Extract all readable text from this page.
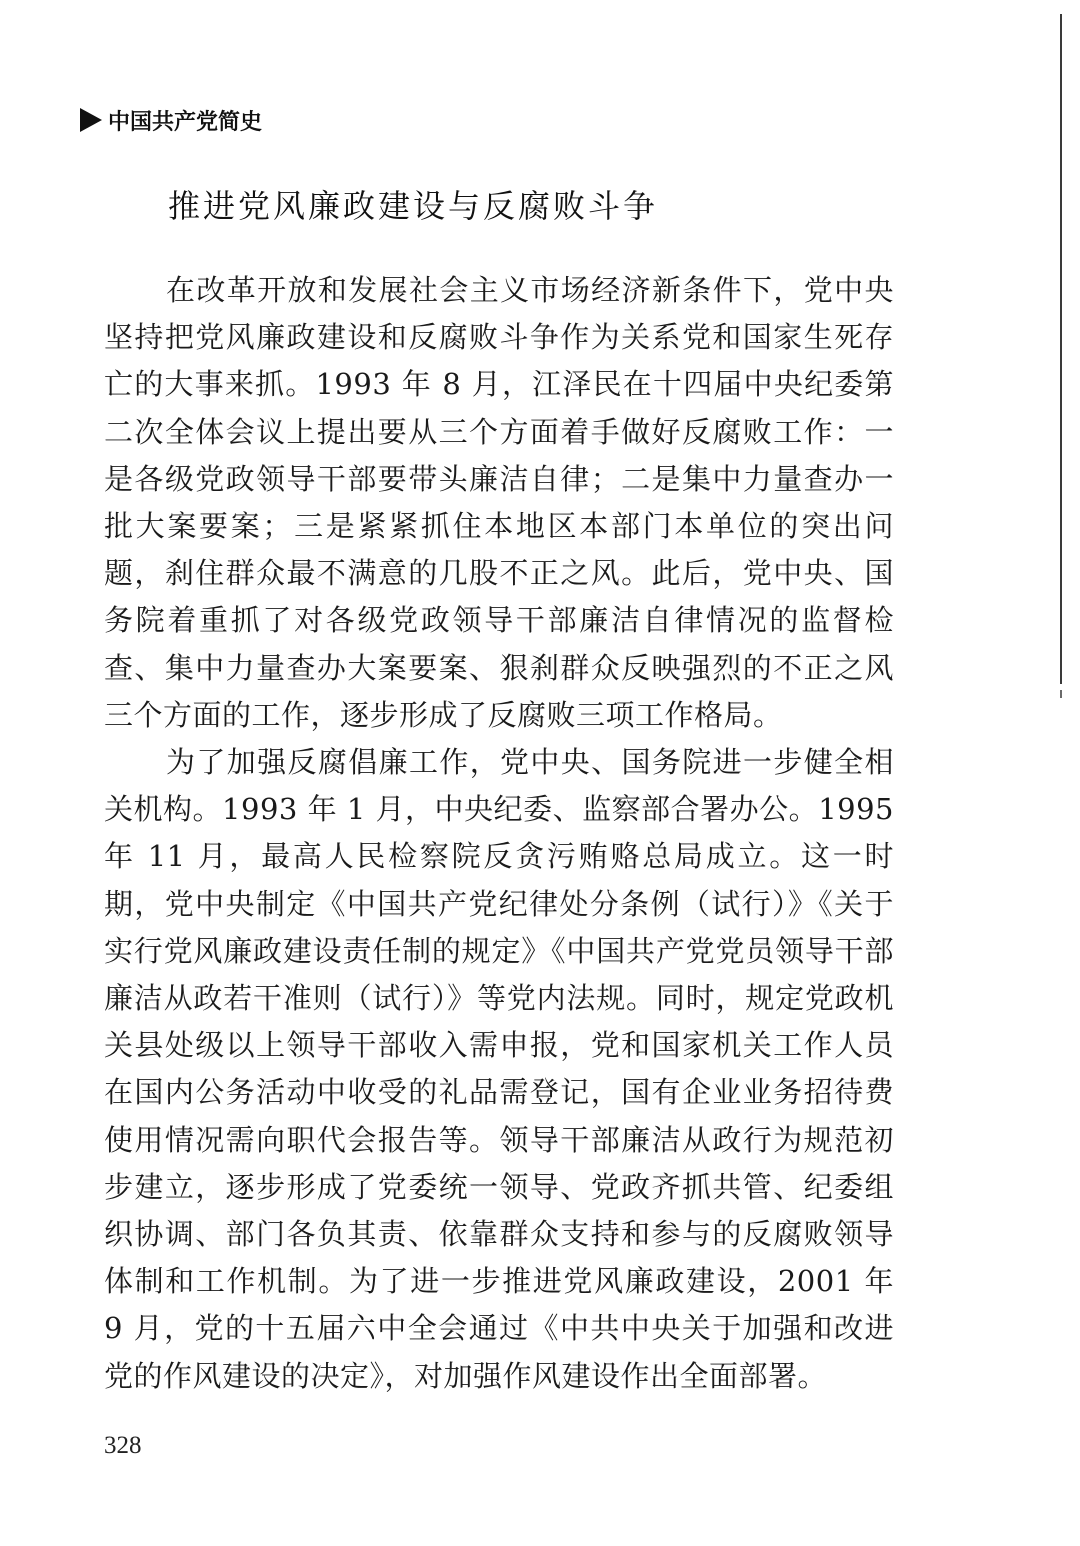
中国共产党简史
推进党风廉政建设与反腐败斗争

在改革开放和发展社会主义市场经济新条件下，党中央坚持把党风廉政建设和反腐败斗争作为关系党和国家生死存亡的大事来抓。1993 年 8 月，江泽民在十四届中央纪委第二次全体会议上提出要从三个方面着手做好反腐败工作：一是各级党政领导干部要带头廉洁自律；二是集中力量查办一批大案要案；三是紧紧抓住本地区本部门本单位的突出问题，刹住群众最不满意的几股不正之风。此后，党中央、国务院着重抓了对各级党政领导干部廉洁自律情况的监督检查、集中力量查办大案要案、狠刹群众反映强烈的不正之风三个方面的工作，逐步形成了反腐败三项工作格局。

为了加强反腐倡廉工作，党中央、国务院进一步健全相关机构。1993 年 1 月，中央纪委、监察部合署办公。1995 年 11 月，最高人民检察院反贪污贿赂总局成立。这一时期，党中央制定《中国共产党纪律处分条例（试行）》《关于实行党风廉政建设责任制的规定》《中国共产党党员领导干部廉洁从政若干准则（试行）》等党内法规。同时，规定党政机关县处级以上领导干部收入需申报，党和国家机关工作人员在国内公务活动中收受的礼品需登记，国有企业业务招待费使用情况需向职代会报告等。领导干部廉洁从政行为规范初步建立，逐步形成了党委统一领导、党政齐抓共管、纪委组织协调、部门各负其责、依靠群众支持和参与的反腐败领导体制和工作机制。为了进一步推进党风廉政建设，2001 年 9 月，党的十五届六中全会通过《中共中央关于加强和改进党的作风建设的决定》，对加强作风建设作出全面部署。

328
